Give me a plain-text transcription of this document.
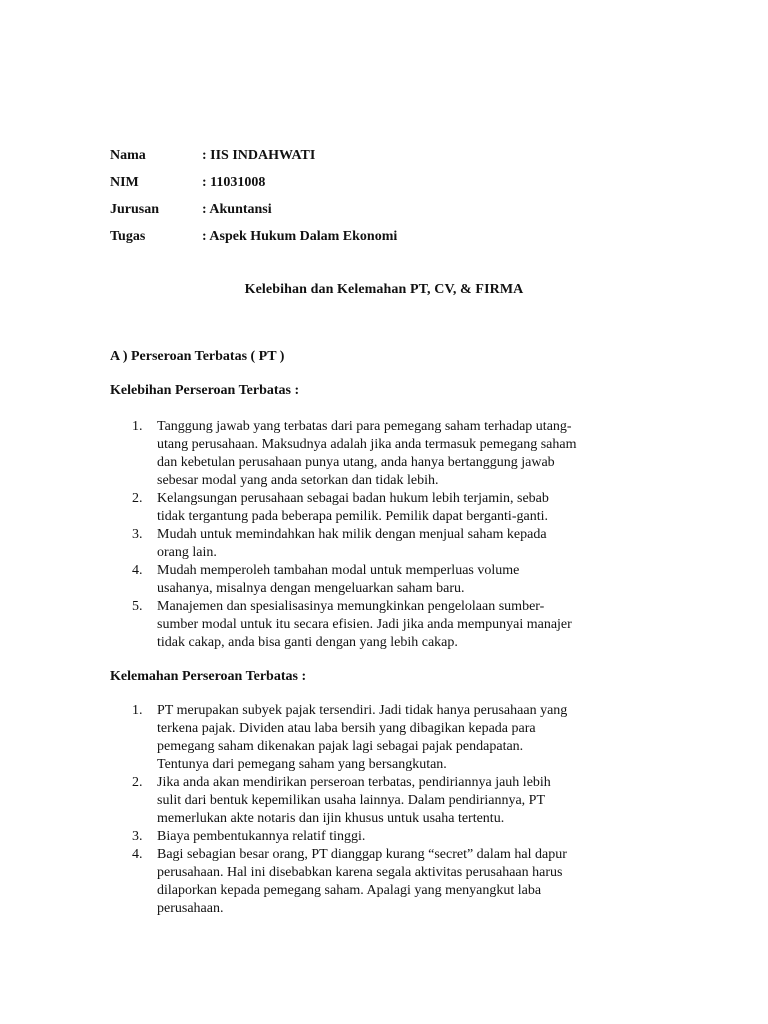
Nama	: IIS INDAHWATI
NIM	: 11031008
Jurusan	: Akuntansi
Tugas	: Aspek Hukum Dalam Ekonomi
Kelebihan dan Kelemahan PT, CV, & FIRMA
A ) Perseroan Terbatas ( PT )
Kelebihan Perseroan Terbatas :
1. Tanggung jawab yang terbatas dari para pemegang saham terhadap utang-
utang perusahaan. Maksudnya adalah jika anda termasuk pemegang saham
dan kebetulan perusahaan punya utang, anda hanya bertanggung jawab
sebesar modal yang anda setorkan dan tidak lebih.
2. Kelangsungan perusahaan sebagai badan hukum lebih terjamin, sebab
tidak tergantung pada beberapa pemilik. Pemilik dapat berganti-ganti.
3. Mudah untuk memindahkan hak milik dengan menjual saham kepada
orang lain.
4. Mudah memperoleh tambahan modal untuk memperluas volume
usahanya, misalnya dengan mengeluarkan saham baru.
5. Manajemen dan spesialisasinya memungkinkan pengelolaan sumber-
sumber modal untuk itu secara efisien. Jadi jika anda mempunyai manajer
tidak cakap, anda bisa ganti dengan yang lebih cakap.
Kelemahan Perseroan Terbatas :
1. PT merupakan subyek pajak tersendiri. Jadi tidak hanya perusahaan yang
terkena pajak. Dividen atau laba bersih yang dibagikan kepada para
pemegang saham dikenakan pajak lagi sebagai pajak pendapatan.
Tentunya dari pemegang saham yang bersangkutan.
2. Jika anda akan mendirikan perseroan terbatas, pendiriannya jauh lebih
sulit dari bentuk kepemilikan usaha lainnya. Dalam pendiriannya, PT
memerlukan akte notaris dan ijin khusus untuk usaha tertentu.
3. Biaya pembentukannya relatif tinggi.
4. Bagi sebagian besar orang, PT dianggap kurang “secret” dalam hal dapur
perusahaan. Hal ini disebabkan karena segala aktivitas perusahaan harus
dilaporkan kepada pemegang saham. Apalagi yang menyangkut laba
perusahaan.
